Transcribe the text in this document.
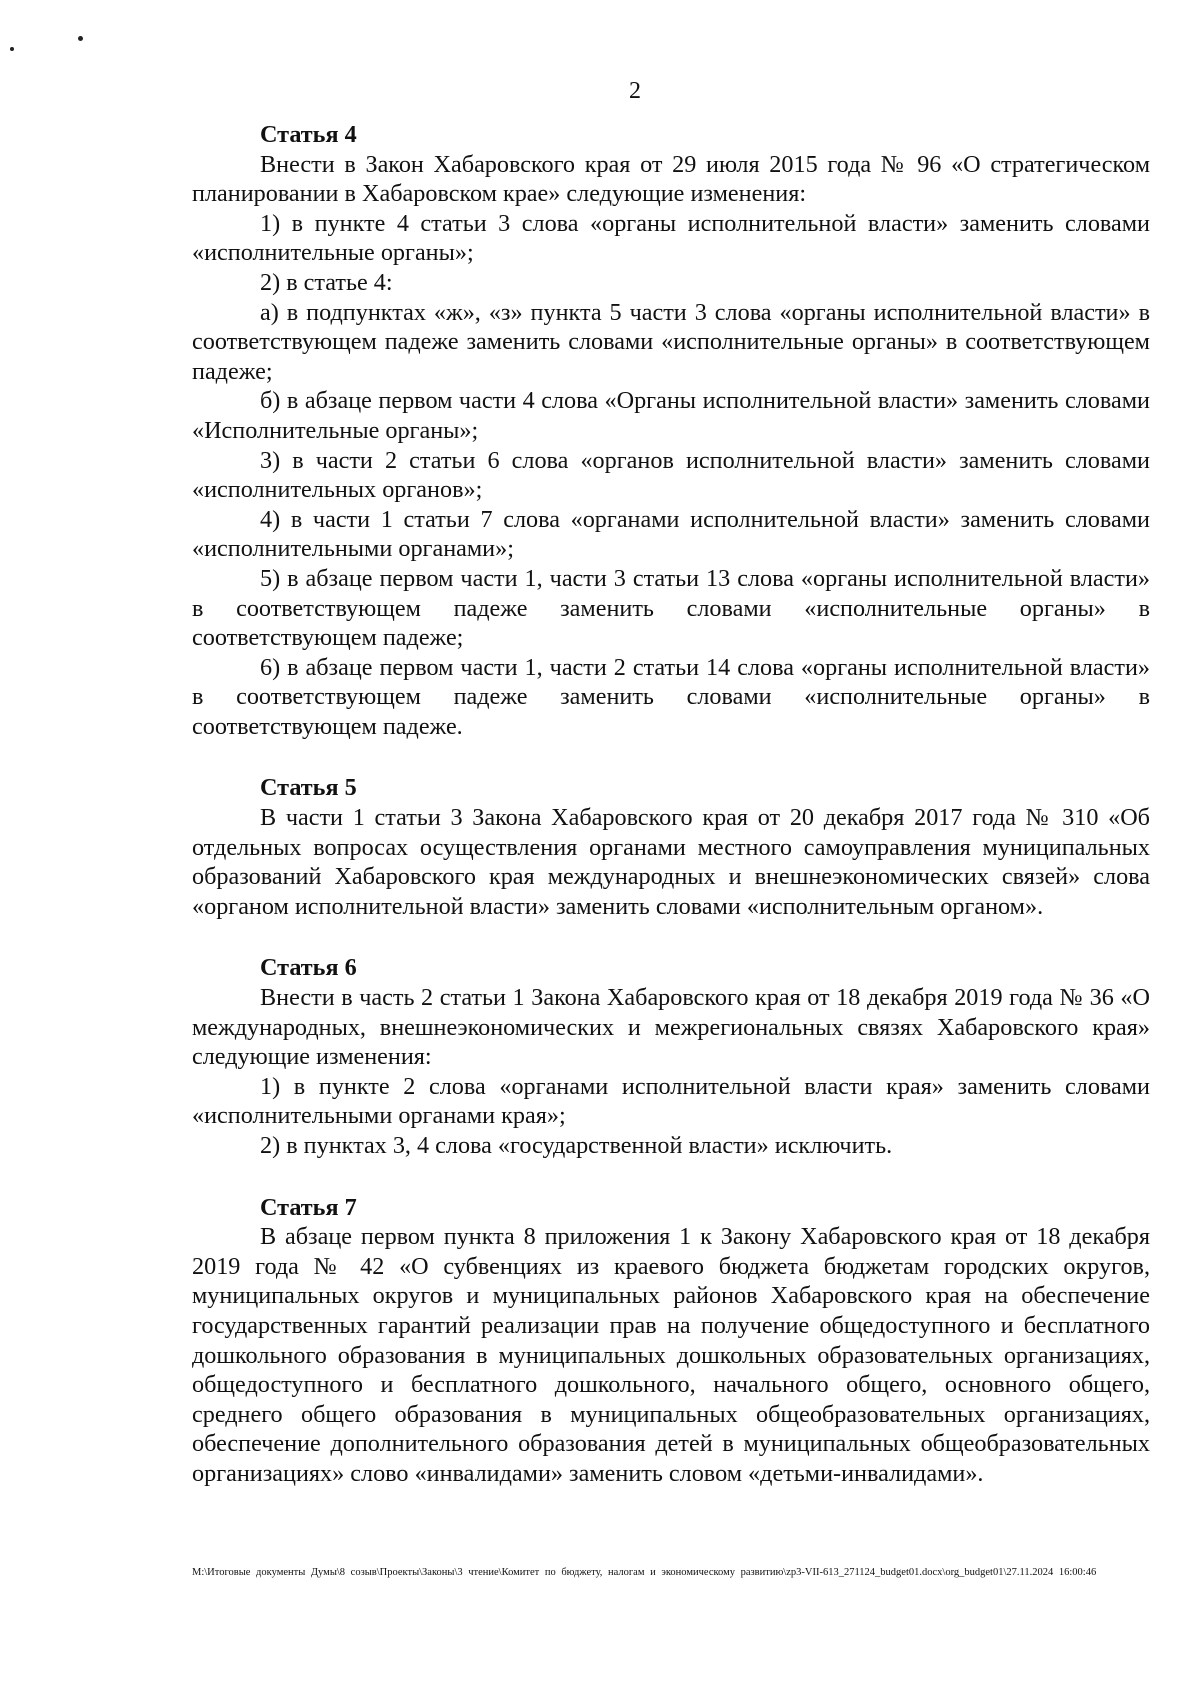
2

Статья 4

Внести в Закон Хабаровского края от 29 июля 2015 года № 96 «О стратегическом планировании в Хабаровском крае» следующие изменения:

1) в пункте 4 статьи 3 слова «органы исполнительной власти» заменить словами «исполнительные органы»;

2) в статье 4:

а) в подпунктах «ж», «з» пункта 5 части 3 слова «органы исполнительной власти» в соответствующем падеже заменить словами «исполнительные органы» в соответствующем падеже;

б) в абзаце первом части 4 слова «Органы исполнительной власти» заменить словами «Исполнительные органы»;

3) в части 2 статьи 6 слова «органов исполнительной власти» заменить словами «исполнительных органов»;

4) в части 1 статьи 7 слова «органами исполнительной власти» заменить словами «исполнительными органами»;

5) в абзаце первом части 1, части 3 статьи 13 слова «органы исполнительной власти» в соответствующем падеже заменить словами «исполнительные органы» в соответствующем падеже;

6) в абзаце первом части 1, части 2 статьи 14 слова «органы исполнительной власти» в соответствующем падеже заменить словами «исполнительные органы» в соответствующем падеже.

Статья 5

В части 1 статьи 3 Закона Хабаровского края от 20 декабря 2017 года № 310 «Об отдельных вопросах осуществления органами местного самоуправления муниципальных образований Хабаровского края международных и внешнеэкономических связей» слова «органом исполнительной власти» заменить словами «исполнительным органом».

Статья 6

Внести в часть 2 статьи 1 Закона Хабаровского края от 18 декабря 2019 года № 36 «О международных, внешнеэкономических и межрегиональных связях Хабаровского края» следующие изменения:

1) в пункте 2 слова «органами исполнительной власти края» заменить словами «исполнительными органами края»;

2) в пунктах 3, 4 слова «государственной власти» исключить.

Статья 7

В абзаце первом пункта 8 приложения 1 к Закону Хабаровского края от 18 декабря 2019 года № 42 «О субвенциях из краевого бюджета бюджетам городских округов, муниципальных округов и муниципальных районов Хабаровского края на обеспечение государственных гарантий реализации прав на получение общедоступного и бесплатного дошкольного образования в муниципальных дошкольных образовательных организациях, общедоступного и бесплатного дошкольного, начального общего, основного общего, среднего общего образования в муниципальных общеобразовательных организациях, обеспечение дополнительного образования детей в муниципальных общеобразовательных организациях» слово «инвалидами» заменить словом «детьми-инвалидами».

M:\Итоговые документы Думы\8 созыв\Проекты\Законы\3 чтение\Комитет по бюджету, налогам и экономическому развитию\zp3-VII-613_271124_budget01.docx\org_budget01\27.11.2024 16:00:46
